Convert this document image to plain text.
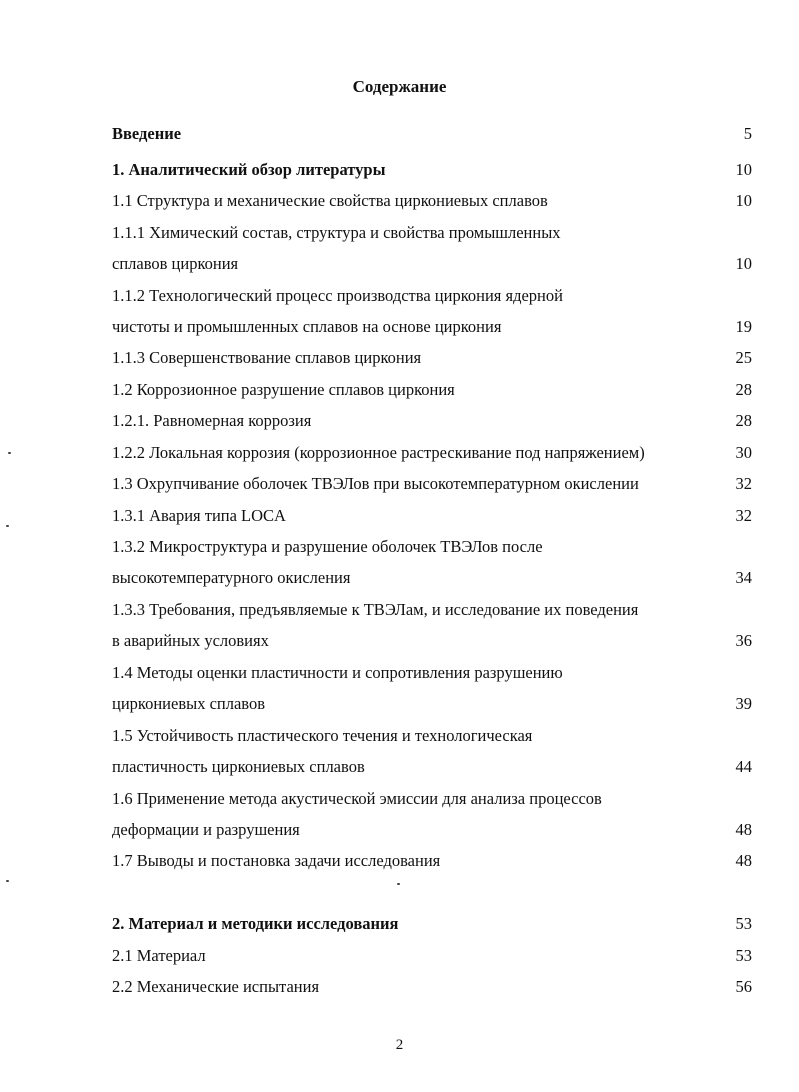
Содержание
Введение	5
1. Аналитический обзор литературы	10
1.1 Структура и механические свойства циркониевых сплавов	10
1.1.1 Химический состав, структура и свойства промышленных
сплавов циркония	10
1.1.2 Технологический процесс производства циркония ядерной
чистоты и промышленных сплавов на основе циркония	19
1.1.3 Совершенствование сплавов циркония	25
1.2 Коррозионное разрушение сплавов циркония	28
1.2.1. Равномерная коррозия	28
1.2.2 Локальная коррозия (коррозионное растрескивание под напряжением)	30
1.3 Охрупчивание оболочек ТВЭЛов при высокотемпературном окислении	32
1.3.1 Авария типа LOCA	32
1.3.2 Микроструктура и разрушение оболочек ТВЭЛов после
высокотемпературного окисления	34
1.3.3 Требования, предъявляемые к ТВЭЛам, и исследование их поведения
в аварийных условиях	36
1.4 Методы оценки пластичности и сопротивления разрушению
циркониевых сплавов	39
1.5 Устойчивость пластического течения и технологическая
пластичность циркониевых сплавов	44
1.6 Применение метода акустической эмиссии для анализа процессов
деформации и разрушения	48
1.7 Выводы и постановка задачи исследования	48
2. Материал и методики исследования	53
2.1 Материал	53
2.2 Механические испытания	56
2
